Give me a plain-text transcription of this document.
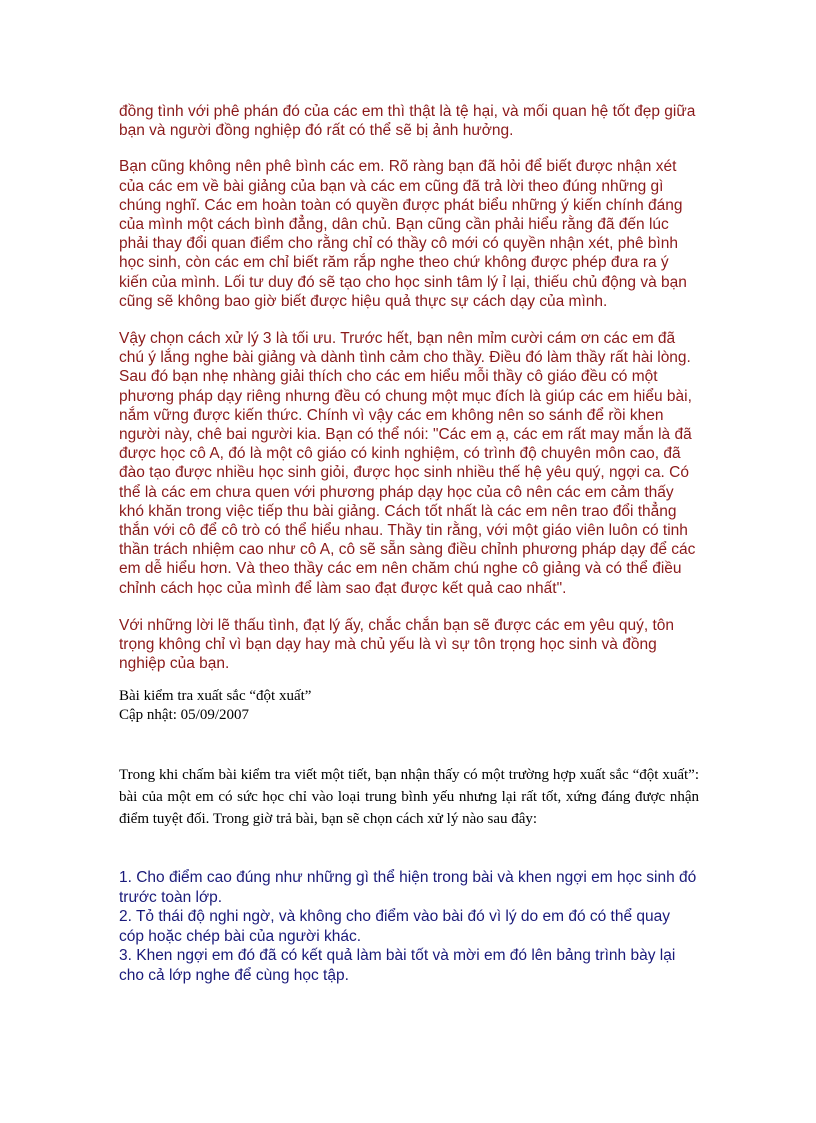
đồng tình với phê phán đó của các em thì thật là tệ hại, và mối quan hệ tốt đẹp giữa bạn và người đồng nghiệp đó rất có thể sẽ bị ảnh hưởng.

Bạn cũng không nên phê bình các em. Rõ ràng bạn đã hỏi để biết được nhận xét của các em về bài giảng của bạn và các em cũng đã trả lời theo đúng những gì chúng nghĩ. Các em hoàn toàn có quyền được phát biểu những ý kiến chính đáng của mình một cách bình đẳng, dân chủ. Bạn cũng cần phải hiểu rằng đã đến lúc phải thay đổi quan điểm cho rằng chỉ có thầy cô mới có quyền nhận xét, phê bình học sinh, còn các em chỉ biết răm rắp nghe theo chứ không được phép đưa ra ý kiến của mình. Lối tư duy đó sẽ tạo cho học sinh tâm lý ỉ lại, thiếu chủ động và bạn cũng sẽ không bao giờ biết được hiệu quả thực sự cách dạy của mình.

Vậy chọn cách xử lý 3 là tối ưu. Trước hết, bạn nên mỉm cười cám ơn các em đã chú ý lắng nghe bài giảng và dành tình cảm cho thầy. Điều đó làm thầy rất hài lòng. Sau đó bạn nhẹ nhàng giải thích cho các em hiểu mỗi thầy cô giáo đều có một phương pháp dạy riêng nhưng đều có chung một mục đích là giúp các em hiểu bài, nắm vững được kiến thức. Chính vì vậy các em không nên so sánh để rồi khen người này, chê bai người kia. Bạn có thể nói: "Các em ạ, các em rất may mắn là đã được học cô A, đó là một cô giáo có kinh nghiệm, có trình độ chuyên môn cao, đã đào tạo được nhiều học sinh giỏi, được học sinh nhiều thế hệ yêu quý, ngợi ca. Có thể là các em chưa quen với phương pháp dạy học của cô nên các em cảm thấy khó khăn trong việc tiếp thu bài giảng. Cách tốt nhất là các em nên trao đổi thẳng thắn với cô để cô trò có thể hiểu nhau. Thầy tin rằng, với một giáo viên luôn có tinh thần trách nhiệm cao như cô A, cô sẽ sẵn sàng điều chỉnh phương pháp dạy để các em dễ hiểu hơn. Và theo thầy các em nên chăm chú nghe cô giảng và có thể điều chỉnh cách học của mình để làm sao đạt được kết quả cao nhất".

Với những lời lẽ thấu tình, đạt lý ấy, chắc chắn bạn sẽ được các em yêu quý, tôn trọng không chỉ vì bạn dạy hay mà chủ yếu là vì sự tôn trọng học sinh và đồng nghiệp của bạn.

Bài kiểm tra xuất sắc “đột xuất”

Cập nhật: 05/09/2007

Trong khi chấm bài kiểm tra viết một tiết, bạn nhận thấy có một trường hợp xuất sắc “đột xuất”: bài của một em có sức học chỉ vào loại trung bình yếu nhưng lại rất tốt, xứng đáng được nhận điểm tuyệt đối. Trong giờ trả bài, bạn sẽ chọn cách xử lý nào sau đây:

1. Cho điểm cao đúng như những gì thể hiện trong bài và khen ngợi em học sinh đó trước toàn lớp.

2. Tỏ thái độ nghi ngờ, và không cho điểm vào bài đó vì lý do em đó có thể quay cóp hoặc chép bài của người khác.

3. Khen ngợi em đó đã có kết quả làm bài tốt và mời em đó lên bảng trình bày lại cho cả lớp nghe để cùng học tập.
